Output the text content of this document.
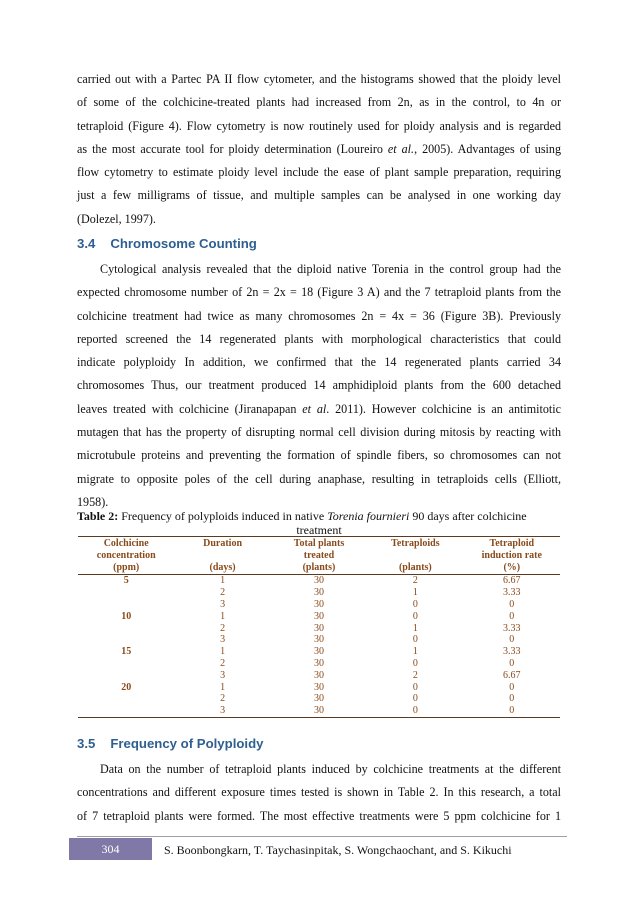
carried out with a Partec PA II flow cytometer, and the histograms showed that the ploidy level
of some of the colchicine-treated plants had increased from 2n, as in the control, to 4n or
tetraploid (Figure 4). Flow cytometry is now routinely used for ploidy analysis and is regarded
as the most accurate tool for ploidy determination (Loureiro et al., 2005). Advantages of using
flow cytometry to estimate ploidy level include the ease of plant sample preparation, requiring
just a few milligrams of tissue, and multiple samples can be analysed in one working day
(Dolezel, 1997).

3.4 Chromosome Counting

Cytological analysis revealed that the diploid native Torenia in the control group had the
expected chromosome number of 2n = 2x = 18 (Figure 3 A) and the 7 tetraploid plants from the
colchicine treatment had twice as many chromosomes 2n = 4x = 36 (Figure 3B). Previously
reported screened the 14 regenerated plants with morphological characteristics that could
indicate polyploidy In addition, we confirmed that the 14 regenerated plants carried 34
chromosomes Thus, our treatment produced 14 amphidiploid plants from the 600 detached
leaves treated with colchicine (Jiranapapan et al. 2011). However colchicine is an antimitotic
mutagen that has the property of disrupting normal cell division during mitosis by reacting with
microtubule proteins and preventing the formation of spindle fibers, so chromosomes can not
migrate to opposite poles of the cell during anaphase, resulting in tetraploids cells (Elliott,
1958).

Table 2: Frequency of polyploids induced in native Torenia fournieri 90 days after colchicine
treatment

Colchicine	Duration	Total plants	Tetraploids	Tetraploid
concentration		treated		induction rate
(ppm)	(days)	(plants)	(plants)	(%)
5	1	30	2	6.67
	2	30	1	3.33
	3	30	0	0
10	1	30	0	0
	2	30	1	3.33
	3	30	0	0
15	1	30	1	3.33
	2	30	0	0
	3	30	2	6.67
20	1	30	0	0
	2	30	0	0
	3	30	0	0
3.5 Frequency of Polyploidy

Data on the number of tetraploid plants induced by colchicine treatments at the different
concentrations and different exposure times tested is shown in Table 2. In this research, a total
of 7 tetraploid plants were formed. The most effective treatments were 5 ppm colchicine for 1

304	S. Boonbongkarn, T. Taychasinpitak, S. Wongchaochant, and S. Kikuchi
